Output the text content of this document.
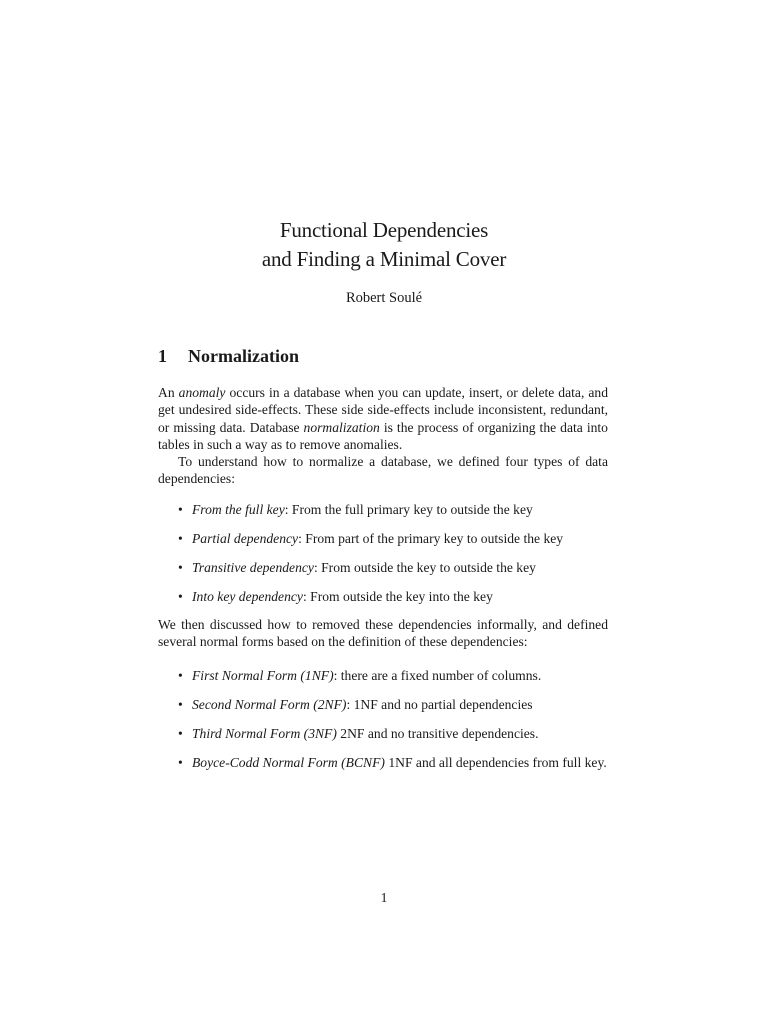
Functional Dependencies
and Finding a Minimal Cover
Robert Soulé
1 Normalization

An anomaly occurs in a database when you can update, insert, or delete data, and get undesired side-effects. These side side-effects include inconsistent, redundant, or missing data. Database normalization is the process of organizing the data into tables in such a way as to remove anomalies.

To understand how to normalize a database, we defined four types of data dependencies:

• From the full key: From the full primary key to outside the key
• Partial dependency: From part of the primary key to outside the key
• Transitive dependency: From outside the key to outside the key
• Into key dependency: From outside the key into the key

We then discussed how to removed these dependencies informally, and defined several normal forms based on the definition of these dependencies:

• First Normal Form (1NF): there are a fixed number of columns.
• Second Normal Form (2NF): 1NF and no partial dependencies
• Third Normal Form (3NF) 2NF and no transitive dependencies.
• Boyce-Codd Normal Form (BCNF) 1NF and all dependencies from full key.
1
